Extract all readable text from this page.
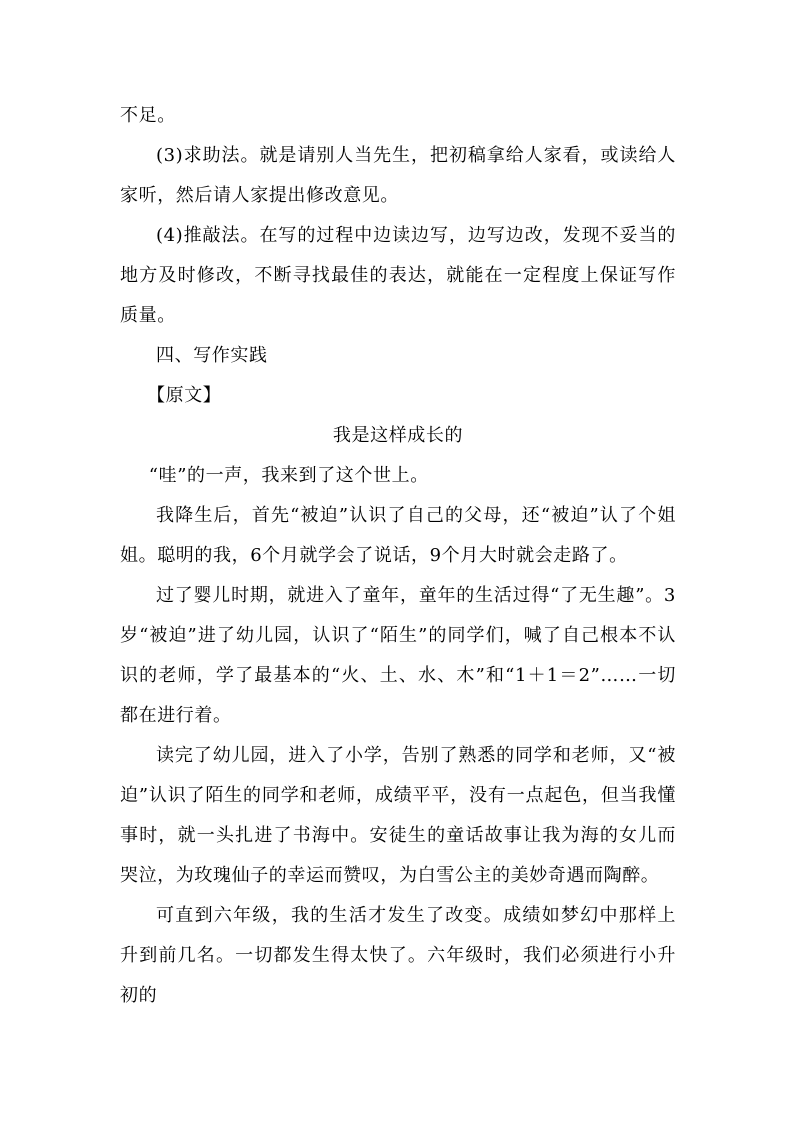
不足。

(3)求助法。就是请别人当先生，把初稿拿给人家看，或读给人家听，然后请人家提出修改意见。

(4)推敲法。在写的过程中边读边写，边写边改，发现不妥当的地方及时修改，不断寻找最佳的表达，就能在一定程度上保证写作质量。

四、写作实践

【原文】

我是这样成长的

“哇”的一声，我来到了这个世上。

我降生后，首先“被迫”认识了自己的父母，还“被迫”认了个姐姐。聪明的我，6个月就学会了说话，9个月大时就会走路了。

过了婴儿时期，就进入了童年，童年的生活过得“了无生趣”。3岁“被迫”进了幼儿园，认识了“陌生”的同学们，喊了自己根本不认识的老师，学了最基本的“火、土、水、木”和“1＋1＝2”……一切都在进行着。

读完了幼儿园，进入了小学，告别了熟悉的同学和老师，又“被迫”认识了陌生的同学和老师，成绩平平，没有一点起色，但当我懂事时，就一头扎进了书海中。安徒生的童话故事让我为海的女儿而哭泣，为玫瑰仙子的幸运而赞叹，为白雪公主的美妙奇遇而陶醉。

可直到六年级，我的生活才发生了改变。成绩如梦幻中那样上升到前几名。一切都发生得太快了。六年级时，我们必须进行小升初的
